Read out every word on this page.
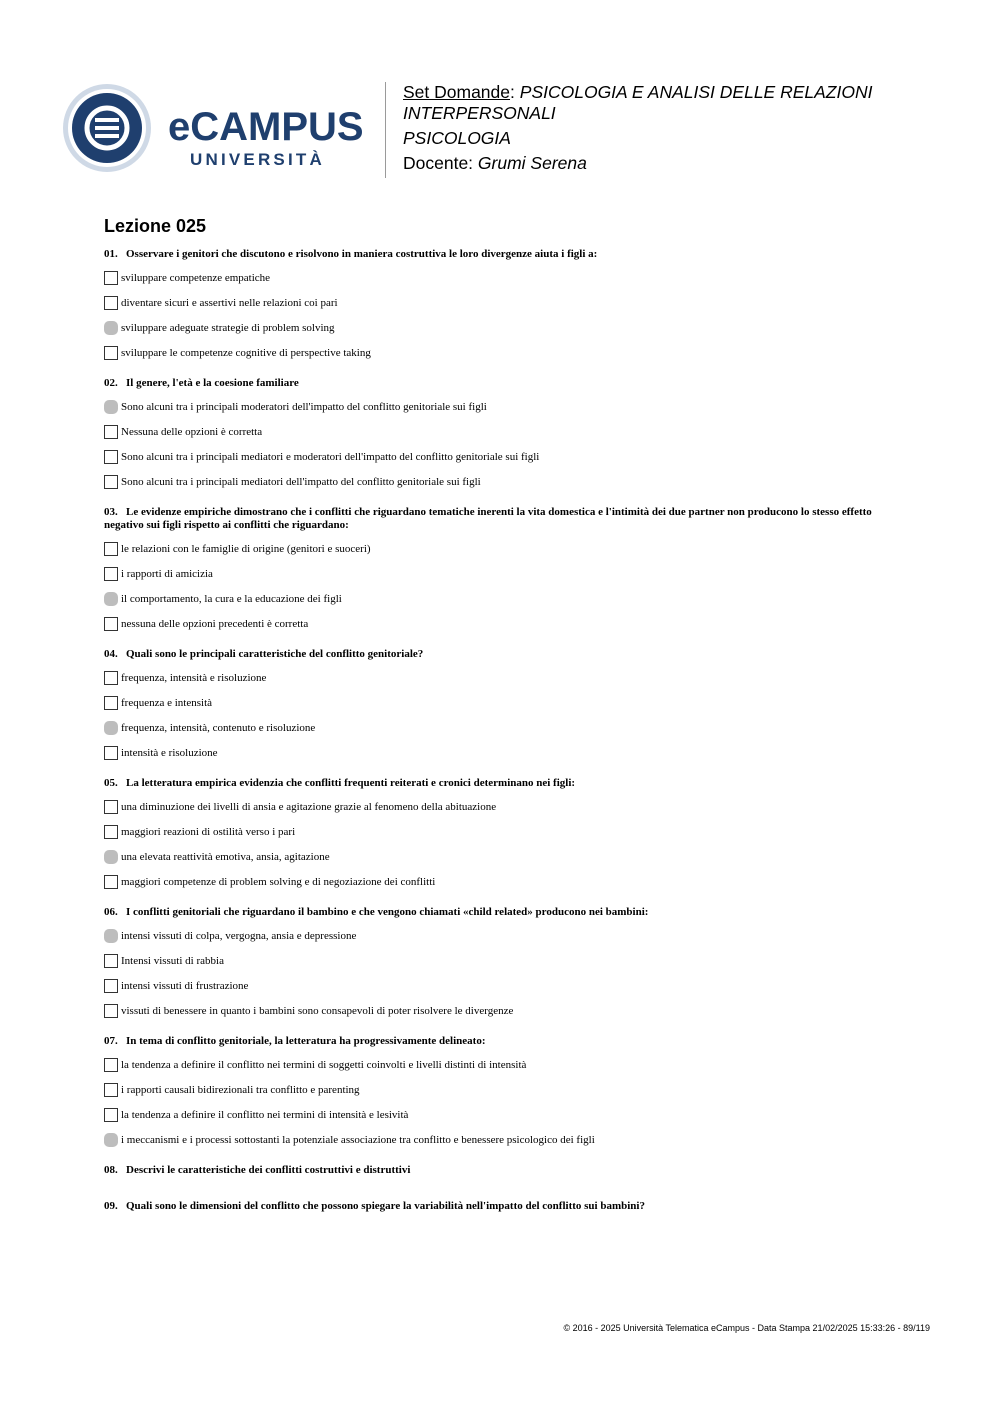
eCAMPUS
UNIVERSITÀ
Set Domande: PSICOLOGIA E ANALISI DELLE RELAZIONI INTERPERSONALI
PSICOLOGIA
Docente: Grumi Serena
Lezione 025
01. Osservare i genitori che discutono e risolvono in maniera costruttiva le loro divergenze aiuta i figli a:
sviluppare competenze empatiche
diventare sicuri e assertivi nelle relazioni coi pari
sviluppare adeguate strategie di problem solving
sviluppare le competenze cognitive di perspective taking
02. Il genere, l'età e la coesione familiare
Sono alcuni tra i principali moderatori dell'impatto del conflitto genitoriale sui figli
Nessuna delle opzioni è corretta
Sono alcuni tra i principali mediatori e moderatori dell'impatto del conflitto genitoriale sui figli
Sono alcuni tra i principali mediatori dell'impatto del conflitto genitoriale sui figli
03. Le evidenze empiriche dimostrano che i conflitti che riguardano tematiche inerenti la vita domestica e l'intimità dei due partner non producono lo stesso effetto negativo sui figli rispetto ai conflitti che riguardano:
le relazioni con le famiglie di origine (genitori e suoceri)
i rapporti di amicizia
il comportamento, la cura e la educazione dei figli
nessuna delle opzioni precedenti è corretta
04. Quali sono le principali caratteristiche del conflitto genitoriale?
frequenza, intensità e risoluzione
frequenza e intensità
frequenza, intensità, contenuto e risoluzione
intensità e risoluzione
05. La letteratura empirica evidenzia che conflitti frequenti reiterati e cronici determinano nei figli:
una diminuzione dei livelli di ansia e agitazione grazie al fenomeno della abituazione
maggiori reazioni di ostilità verso i pari
una elevata reattività emotiva, ansia, agitazione
maggiori competenze di problem solving e di negoziazione dei conflitti
06. I conflitti genitoriali che riguardano il bambino e che vengono chiamati «child related» producono nei bambini:
intensi vissuti di colpa, vergogna, ansia e depressione
Intensi vissuti di rabbia
intensi vissuti di frustrazione
vissuti di benessere in quanto i bambini sono consapevoli di poter risolvere le divergenze
07. In tema di conflitto genitoriale, la letteratura ha progressivamente delineato:
la tendenza a definire il conflitto nei termini di soggetti coinvolti e livelli distinti di intensità
i rapporti causali bidirezionali tra conflitto e parenting
la tendenza a definire il conflitto nei termini di intensità e lesività
i meccanismi e i processi sottostanti la potenziale associazione tra conflitto e benessere psicologico dei figli
08. Descrivi le caratteristiche dei conflitti costruttivi e distruttivi
09. Quali sono le dimensioni del conflitto che possono spiegare la variabilità nell'impatto del conflitto sui bambini?
© 2016 - 2025 Università Telematica eCampus - Data Stampa 21/02/2025 15:33:26 - 89/119
